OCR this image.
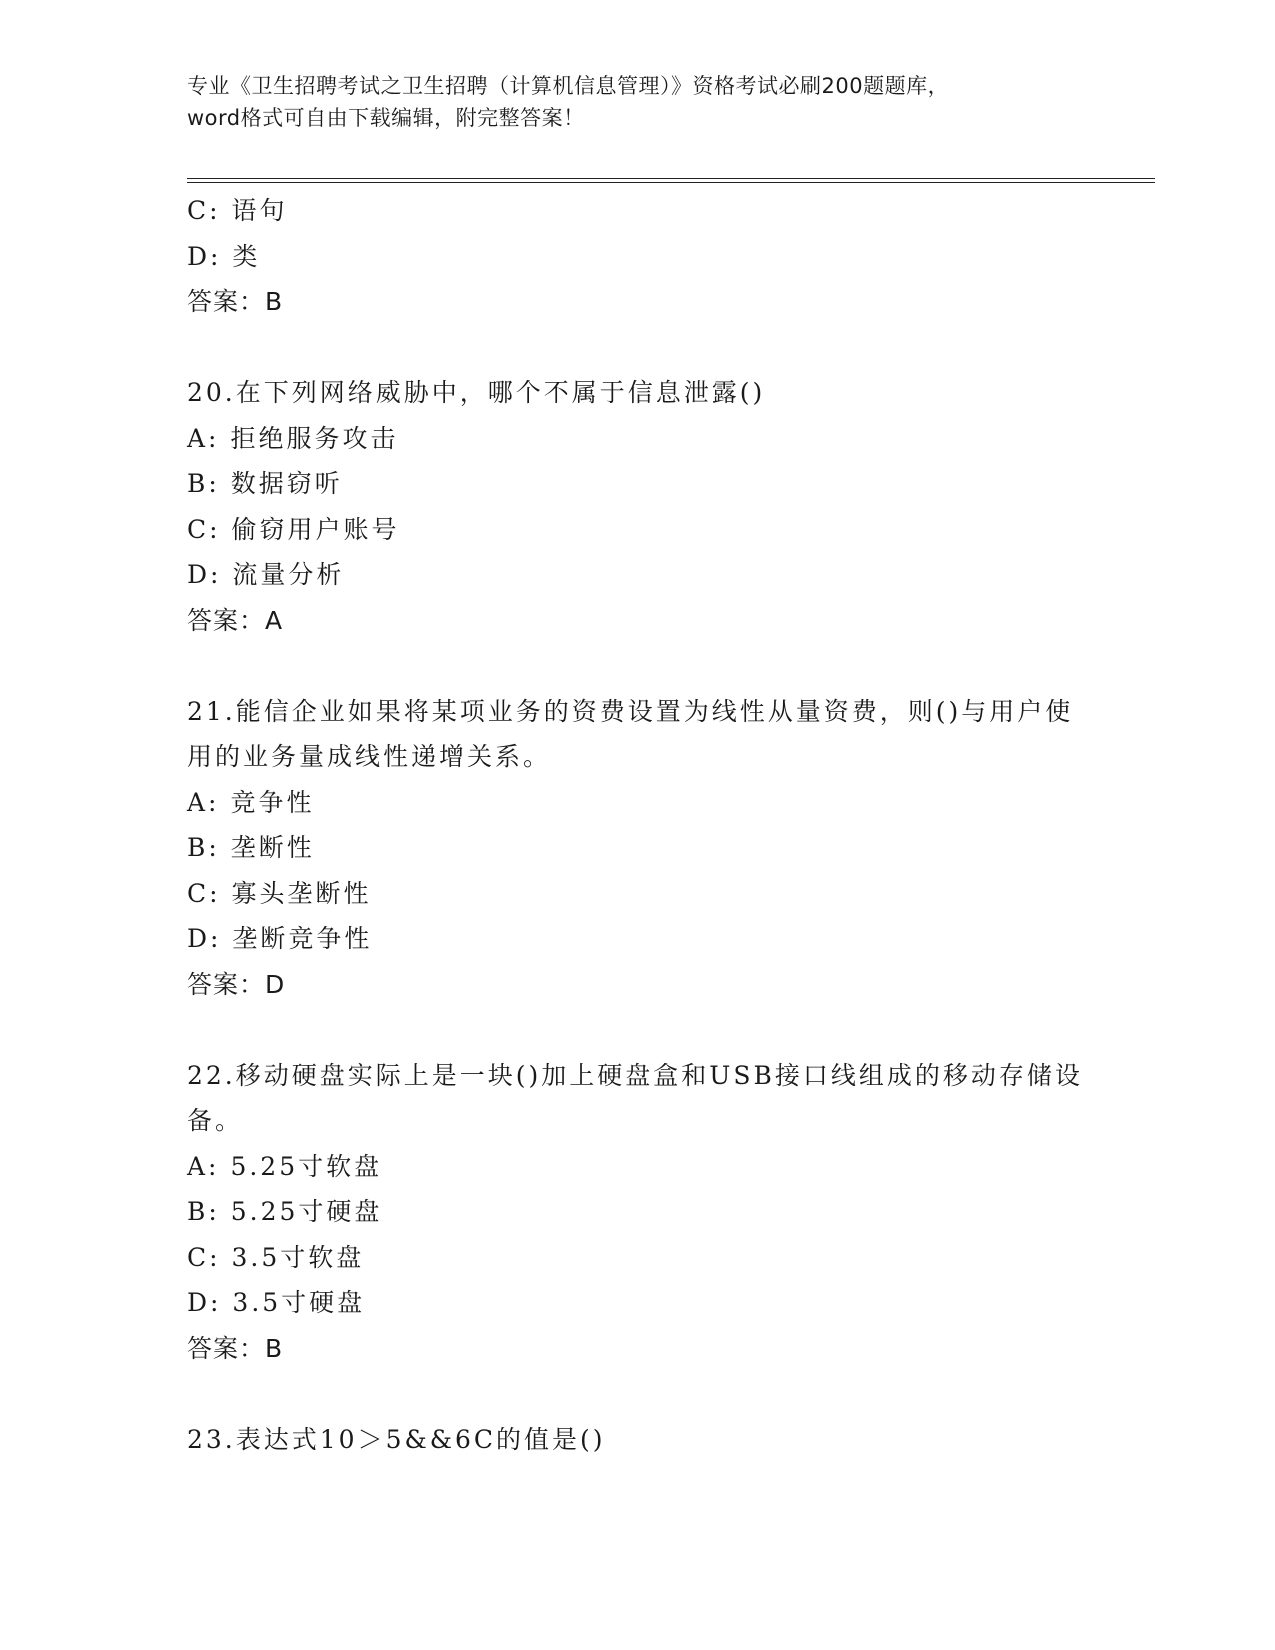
专业《卫生招聘考试之卫生招聘（计算机信息管理）》资格考试必刷200题题库，
word格式可自由下载编辑，附完整答案！
C: 语句
D: 类
答案：B
20.在下列网络威胁中，哪个不属于信息泄露()
A: 拒绝服务攻击
B: 数据窃听
C: 偷窃用户账号
D: 流量分析
答案：A
21.能信企业如果将某项业务的资费设置为线性从量资费，则()与用户使用的业务量成线性递增关系。
A: 竞争性
B: 垄断性
C: 寡头垄断性
D: 垄断竞争性
答案：D
22.移动硬盘实际上是一块()加上硬盘盒和USB接口线组成的移动存储设备。
A: 5.25寸软盘
B: 5.25寸硬盘
C: 3.5寸软盘
D: 3.5寸硬盘
答案：B
23.表达式10＞5&&6C的值是()
